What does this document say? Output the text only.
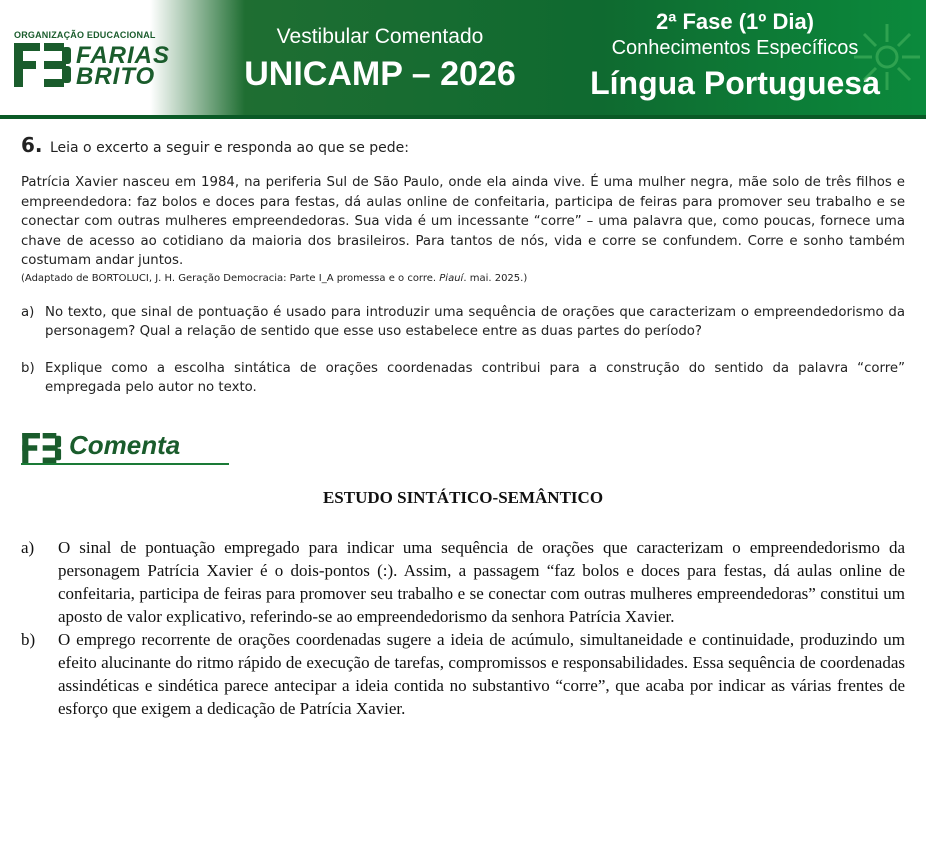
ORGANIZAÇÃO EDUCACIONAL
FARIAS
BRITO
Vestibular Comentado
UNICAMP – 2026
2ª Fase (1º Dia)
Conhecimentos Específicos
Língua Portuguesa
6. Leia o excerto a seguir e responda ao que se pede:
Patrícia Xavier nasceu em 1984, na periferia Sul de São Paulo, onde ela ainda vive. É uma mulher negra, mãe solo de três filhos e empreendedora: faz bolos e doces para festas, dá aulas online de confeitaria, participa de feiras para promover seu trabalho e se conectar com outras mulheres empreendedoras. Sua vida é um incessante “corre” – uma palavra que, como poucas, fornece uma chave de acesso ao cotidiano da maioria dos brasileiros. Para tantos de nós, vida e corre se confundem. Corre e sonho também costumam andar juntos.
(Adaptado de BORTOLUCI, J. H. Geração Democracia: Parte I_A promessa e o corre. Piauí. mai. 2025.)
a) No texto, que sinal de pontuação é usado para introduzir uma sequência de orações que caracterizam o empreendedorismo da personagem? Qual a relação de sentido que esse uso estabelece entre as duas partes do período?
b) Explique como a escolha sintática de orações coordenadas contribui para a construção do sentido da palavra “corre” empregada pelo autor no texto.
Comenta
ESTUDO SINTÁTICO-SEMÂNTICO
a)	O sinal de pontuação empregado para indicar uma sequência de orações que caracterizam o empreendedorismo da personagem Patrícia Xavier é o dois-pontos (:). Assim, a passagem “faz bolos e doces para festas, dá aulas online de confeitaria, participa de feiras para promover seu trabalho e se conectar com outras mulheres empreendedoras” constitui um aposto de valor explicativo, referindo-se ao empreendedorismo da senhora Patrícia Xavier.
b)	O emprego recorrente de orações coordenadas sugere a ideia de acúmulo, simultaneidade e continuidade, produzindo um efeito alucinante do ritmo rápido de execução de tarefas, compromissos e responsabilidades. Essa sequência de coordenadas assindéticas e sindética parece antecipar a ideia contida no substantivo “corre”, que acaba por indicar as várias frentes de esforço que exigem a dedicação de Patrícia Xavier.
